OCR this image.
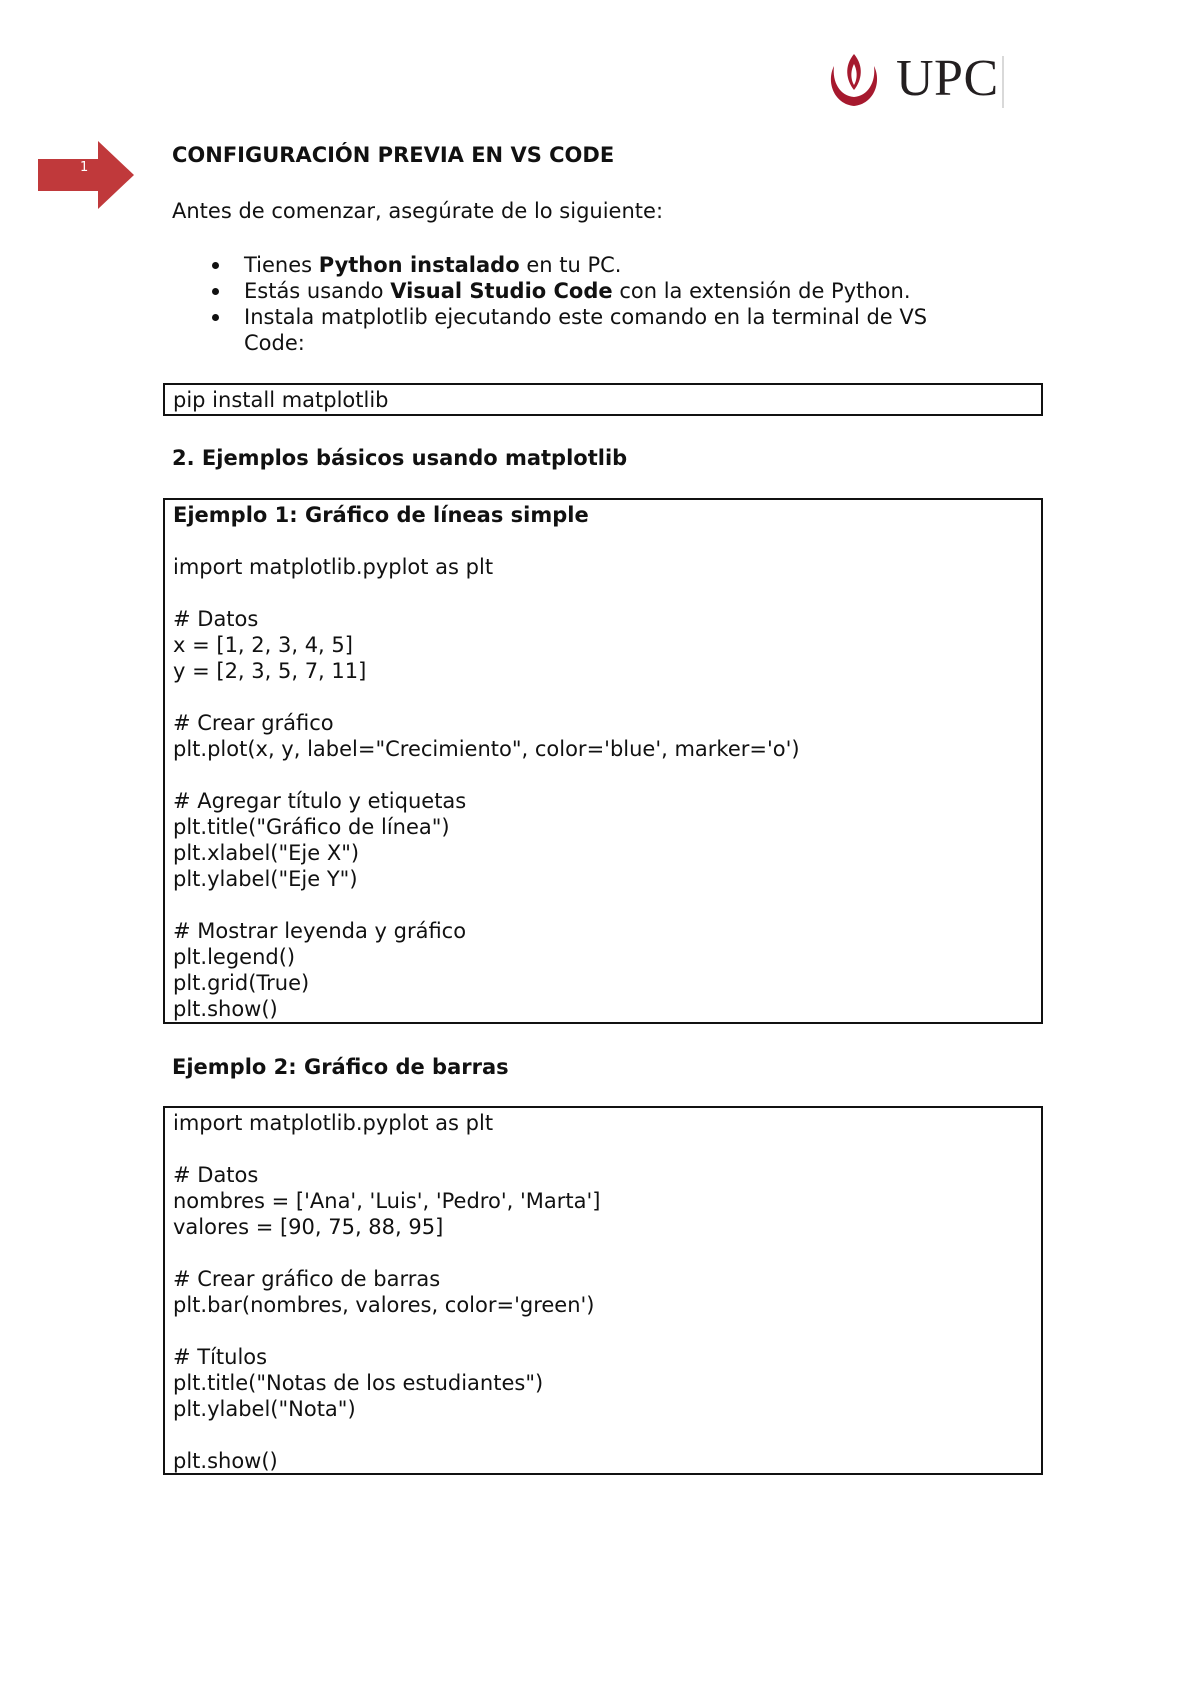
UPC
1
CONFIGURACIÓN PREVIA EN VS CODE
Antes de comenzar, asegúrate de lo siguiente:
Tienes Python instalado en tu PC.
Estás usando Visual Studio Code con la extensión de Python.
Instala matplotlib ejecutando este comando en la terminal de VS
Code:
pip install matplotlib
2. Ejemplos básicos usando matplotlib
Ejemplo 1: Gráfico de líneas simple
import matplotlib.pyplot as plt
# Datos
x = [1, 2, 3, 4, 5]
y = [2, 3, 5, 7, 11]
# Crear gráfico
plt.plot(x, y, label="Crecimiento", color='blue', marker='o')
# Agregar título y etiquetas
plt.title("Gráfico de línea")
plt.xlabel("Eje X")
plt.ylabel("Eje Y")
# Mostrar leyenda y gráfico
plt.legend()
plt.grid(True)
plt.show()
Ejemplo 2: Gráfico de barras
import matplotlib.pyplot as plt
# Datos
nombres = ['Ana', 'Luis', 'Pedro', 'Marta']
valores = [90, 75, 88, 95]
# Crear gráfico de barras
plt.bar(nombres, valores, color='green')
# Títulos
plt.title("Notas de los estudiantes")
plt.ylabel("Nota")
plt.show()
